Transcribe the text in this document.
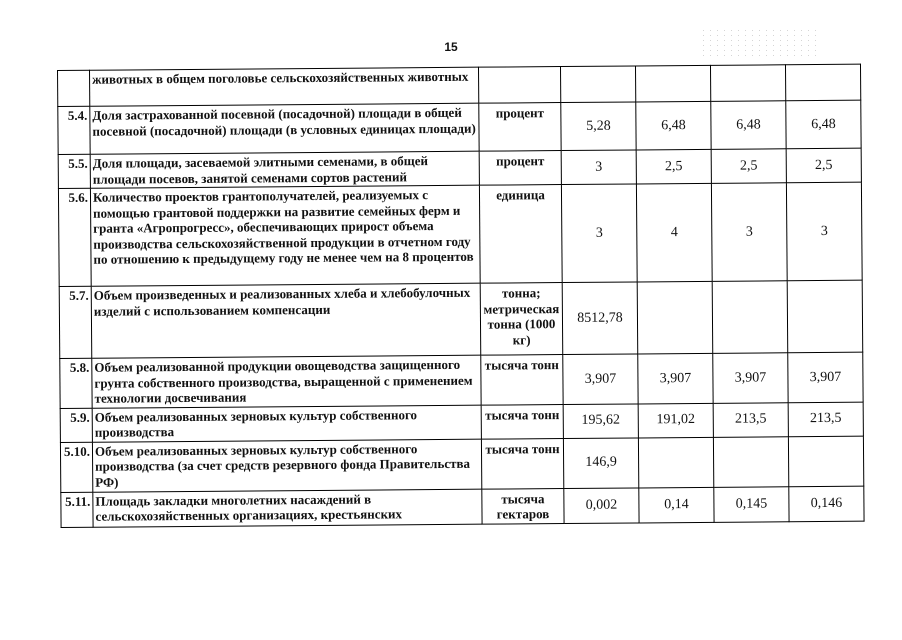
15
	животных в общем поголовье сельскохозяйственных животных					
5.4.	Доля застрахованной посевной (посадочной) площади в общей посевной (посадочной) площади (в условных единицах площади)	процент	5,28	6,48	6,48	6,48
5.5.	Доля площади, засеваемой элитными семенами, в общей площади посевов, занятой семенами сортов растений	процент	3	2,5	2,5	2,5
5.6.	Количество проектов грантополучателей, реализуемых с помощью грантовой поддержки на развитие семейных ферм и гранта «Агропрогресс», обеспечивающих прирост объема производства сельскохозяйственной продукции в отчетном году по отношению к предыдущему году не менее чем на 8 процентов	единица	3	4	3	3
5.7.	Объем произведенных и реализованных хлеба и хлебобулочных изделий с использованием компенсации	тонна; метрическая тонна (1000 кг)	8512,78			
5.8.	Объем реализованной продукции овощеводства защищенного грунта собственного производства, выращенной с применением технологии досвечивания	тысяча тонн	3,907	3,907	3,907	3,907
5.9.	Объем реализованных зерновых культур собственного производства	тысяча тонн	195,62	191,02	213,5	213,5
5.10.	Объем реализованных зерновых культур собственного производства (за счет средств резервного фонда Правительства РФ)	тысяча тонн	146,9			
5.11.	Площадь закладки многолетних насаждений в сельскохозяйственных организациях, крестьянских	тысяча гектаров	0,002	0,14	0,145	0,146
